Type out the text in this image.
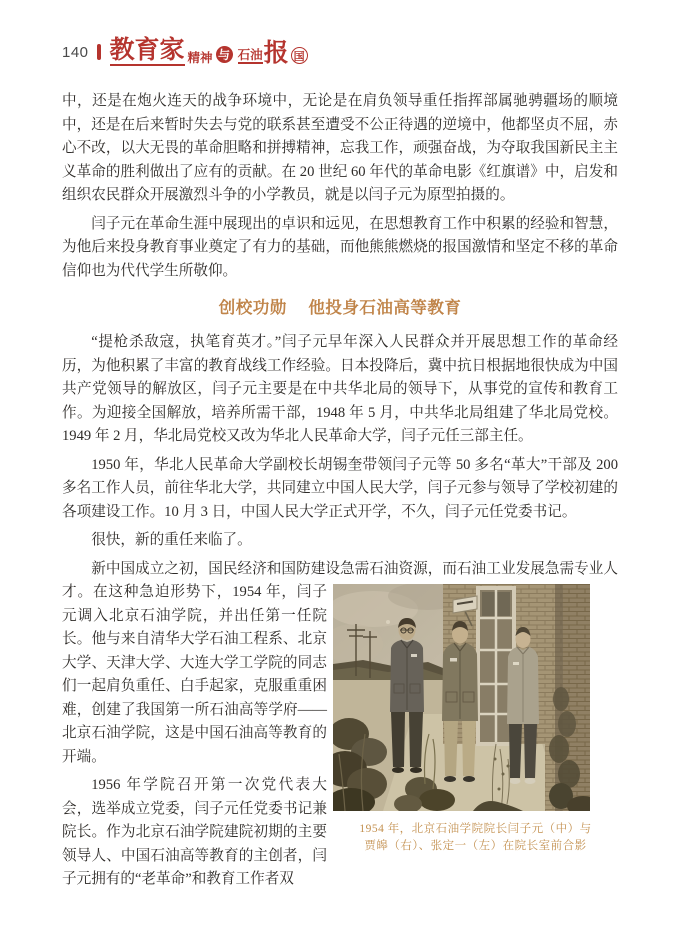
140 教育家 精神 与 石油 报 国
中，还是在炮火连天的战争环境中，无论是在肩负领导重任指挥部属驰骋疆场的顺境中，还是在后来暂时失去与党的联系甚至遭受不公正待遇的逆境中，他都坚贞不屈，赤心不改，以大无畏的革命胆略和拼搏精神，忘我工作，顽强奋战，为夺取我国新民主主义革命的胜利做出了应有的贡献。在 20 世纪 60 年代的革命电影《红旗谱》中，启发和组织农民群众开展激烈斗争的小学教员，就是以闫子元为原型拍摄的。
闫子元在革命生涯中展现出的卓识和远见，在思想教育工作中积累的经验和智慧，为他后来投身教育事业奠定了有力的基础，而他熊熊燃烧的报国激情和坚定不移的革命信仰也为代代学生所敬仰。
创校功勋　 他投身石油高等教育
“提枪杀敌寇，执笔育英才。”闫子元早年深入人民群众并开展思想工作的革命经历，为他积累了丰富的教育战线工作经验。日本投降后，冀中抗日根据地很快成为中国共产党领导的解放区，闫子元主要是在中共华北局的领导下，从事党的宣传和教育工作。为迎接全国解放，培养所需干部，1948 年 5 月，中共华北局组建了华北局党校。1949 年 2 月，华北局党校又改为华北人民革命大学，闫子元任三部主任。
1950 年，华北人民革命大学副校长胡锡奎带领闫子元等 50 多名“革大”干部及 200 多名工作人员，前往华北大学，共同建立中国人民大学，闫子元参与领导了学校初建的各项建设工作。10 月 3 日，中国人民大学正式开学，不久，闫子元任党委书记。
很快，新的重任来临了。
新中国成立之初，国民经济和国防建设急需石油资源，而石油工业发展急需专业人才。
1954 年，北京石油学院院长闫子元（中）与
贾皞（右）、张定一（左）在院长室前合影
在这种急迫形势下，1954 年，闫子元调入北京石油学院，并出任第一任院长。他与来自清华大学石油工程系、北京大学、天津大学、大连大学工学院的同志们一起肩负重任、白手起家，克服重重困难，创建了我国第一所石油高等学府——北京石油学院，这是中国石油高等教育的开端。
1956 年学院召开第一次党代表大会，选举成立党委，闫子元任党委书记兼院长。作为北京石油学院建院初期的主要领导人、中国石油高等教育的主创者，闫子元拥有的“老革命”和教育工作者双
